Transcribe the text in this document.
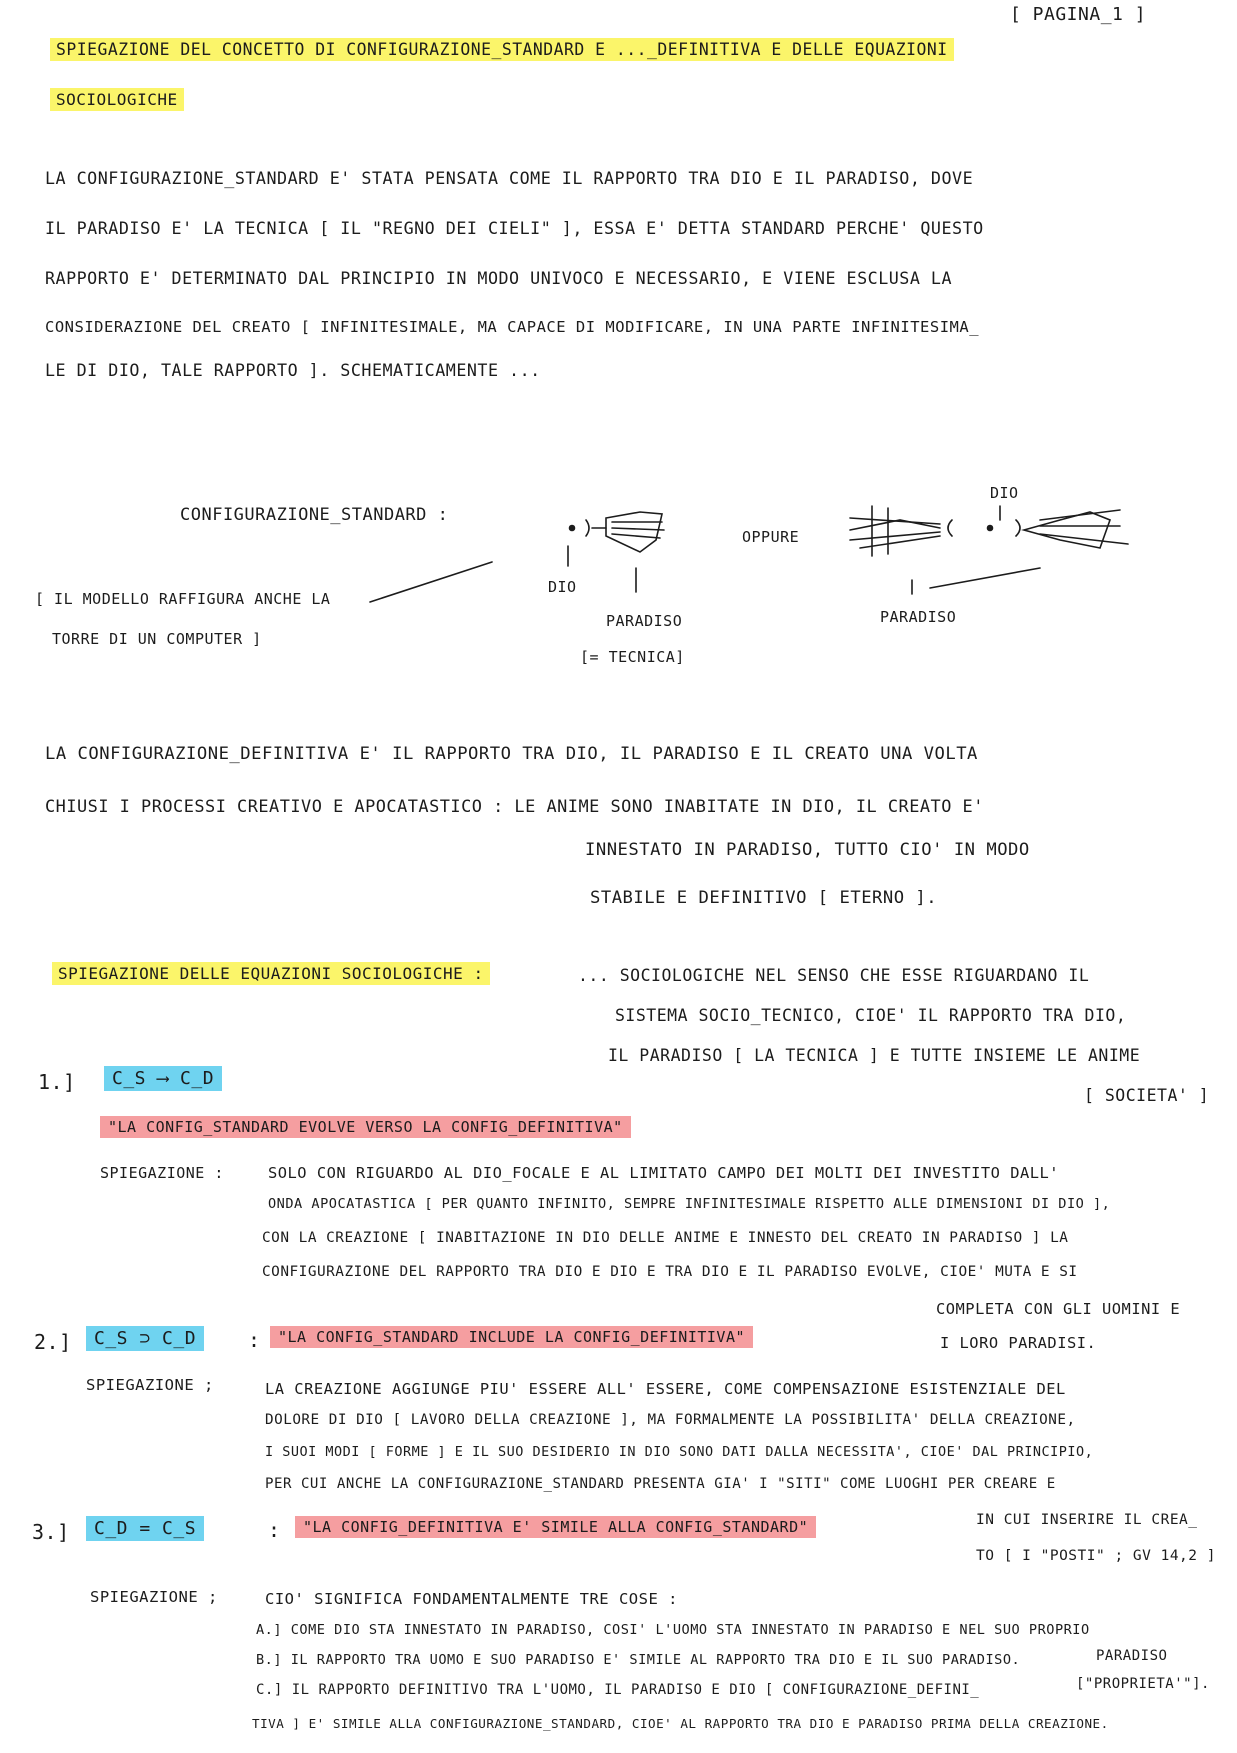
[ PAGINA_1 ]
SPIEGAZIONE DEL CONCETTO DI CONFIGURAZIONE_STANDARD E ..._DEFINITIVA E DELLE EQUAZIONI
SOCIOLOGICHE
LA CONFIGURAZIONE_STANDARD E' STATA PENSATA COME IL RAPPORTO TRA DIO E IL PARADISO, DOVE
IL PARADISO E' LA TECNICA [ IL "REGNO DEI CIELI" ], ESSA E' DETTA STANDARD PERCHE' QUESTO
RAPPORTO E' DETERMINATO DAL PRINCIPIO IN MODO UNIVOCO E NECESSARIO, E VIENE ESCLUSA LA
CONSIDERAZIONE DEL CREATO [ INFINITESIMALE, MA CAPACE DI MODIFICARE, IN UNA PARTE INFINITESIMA_
LE DI DIO, TALE RAPPORTO ]. SCHEMATICAMENTE ...
CONFIGURAZIONE_STANDARD :
[ IL MODELLO RAFFIGURA ANCHE LA
TORRE DI UN COMPUTER ]
DIO
PARADISO
[= TECNICA]
OPPURE
DIO
PARADISO
LA CONFIGURAZIONE_DEFINITIVA E' IL RAPPORTO TRA DIO, IL PARADISO E IL CREATO UNA VOLTA
CHIUSI I PROCESSI CREATIVO E APOCATASTICO : LE ANIME SONO INABITATE IN DIO, IL CREATO E'
INNESTATO IN PARADISO, TUTTO CIO' IN MODO
STABILE E DEFINITIVO [ ETERNO ].
SPIEGAZIONE DELLE EQUAZIONI SOCIOLOGICHE :	... SOCIOLOGICHE NEL SENSO CHE ESSE RIGUARDANO IL
SISTEMA SOCIO_TECNICO, CIOE' IL RAPPORTO TRA DIO,
IL PARADISO [ LA TECNICA ] E TUTTE INSIEME LE ANIME
[ SOCIETA' ]
1.]	C_S ⟶ C_D
"LA CONFIG_STANDARD EVOLVE VERSO LA CONFIG_DEFINITIVA"
SPIEGAZIONE :	SOLO CON RIGUARDO AL DIO_FOCALE E AL LIMITATO CAMPO DEI MOLTI DEI INVESTITO DALL'
ONDA APOCATASTICA [ PER QUANTO INFINITO, SEMPRE INFINITESIMALE RISPETTO ALLE DIMENSIONI DI DIO ],
CON LA CREAZIONE [ INABITAZIONE IN DIO DELLE ANIME E INNESTO DEL CREATO IN PARADISO ] LA
CONFIGURAZIONE DEL RAPPORTO TRA DIO E DIO E TRA DIO E IL PARADISO EVOLVE, CIOE' MUTA E SI
COMPLETA CON GLI UOMINI E
I LORO PARADISI.
2.]	C_S ⊃ C_D	:	"LA CONFIG_STANDARD INCLUDE LA CONFIG_DEFINITIVA"
SPIEGAZIONE ;	LA CREAZIONE AGGIUNGE PIU' ESSERE ALL' ESSERE, COME COMPENSAZIONE ESISTENZIALE DEL
DOLORE DI DIO [ LAVORO DELLA CREAZIONE ], MA FORMALMENTE LA POSSIBILITA' DELLA CREAZIONE,
I SUOI MODI [ FORME ] E IL SUO DESIDERIO IN DIO SONO DATI DALLA NECESSITA', CIOE' DAL PRINCIPIO,
PER CUI ANCHE LA CONFIGURAZIONE_STANDARD PRESENTA GIA' I "SITI" COME LUOGHI PER CREARE E
IN CUI INSERIRE IL CREA_
TO [ I "POSTI" ; GV 14,2 ]
3.]	C_D = C_S	:	"LA CONFIG_DEFINITIVA E' SIMILE ALLA CONFIG_STANDARD"
SPIEGAZIONE ;	CIO' SIGNIFICA FONDAMENTALMENTE TRE COSE :
A.] COME DIO STA INNESTATO IN PARADISO, COSI' L'UOMO STA INNESTATO IN PARADISO E NEL SUO PROPRIO
B.] IL RAPPORTO TRA UOMO E SUO PARADISO E' SIMILE AL RAPPORTO TRA DIO E IL SUO PARADISO.	PARADISO
["PROPRIETA'"].
C.] IL RAPPORTO DEFINITIVO TRA L'UOMO, IL PARADISO E DIO [ CONFIGURAZIONE_DEFINI_
TIVA ] E' SIMILE ALLA CONFIGURAZIONE_STANDARD, CIOE' AL RAPPORTO TRA DIO E PARADISO PRIMA DELLA CREAZIONE.
